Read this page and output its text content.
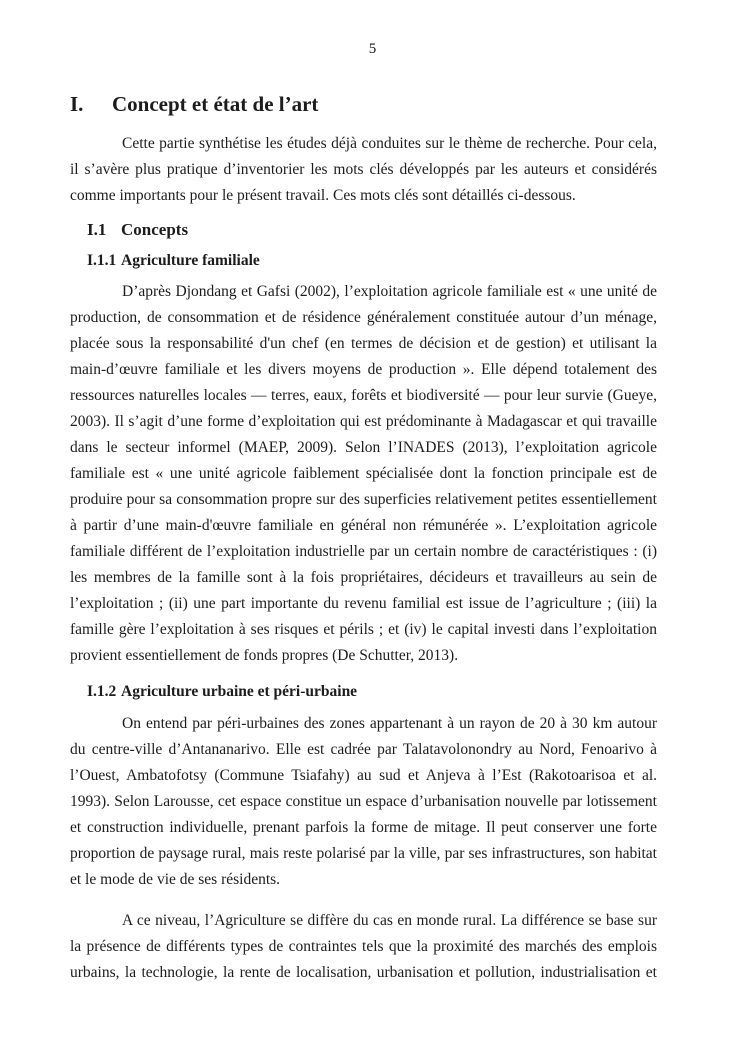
5
I.	Concept et état de l’art

Cette partie synthétise les études déjà conduites sur le thème de recherche. Pour cela, il s’avère plus pratique d’inventorier les mots clés développés par les auteurs et considérés comme importants pour le présent travail. Ces mots clés sont détaillés ci-dessous.

I.1 Concepts
I.1.1 Agriculture familiale

D’après Djondang et Gafsi (2002), l’exploitation agricole familiale est « une unité de production, de consommation et de résidence généralement constituée autour d’un ménage, placée sous la responsabilité d'un chef (en termes de décision et de gestion) et utilisant la main-d’œuvre familiale et les divers moyens de production ». Elle dépend totalement des ressources naturelles locales — terres, eaux, forêts et biodiversité — pour leur survie (Gueye, 2003). Il s’agit d’une forme d’exploitation qui est prédominante à Madagascar et qui travaille dans le secteur informel (MAEP, 2009). Selon l’INADES (2013), l’exploitation agricole familiale est « une unité agricole faiblement spécialisée dont la fonction principale est de produire pour sa consommation propre sur des superficies relativement petites essentiellement à partir d’une main-d'œuvre familiale en général non rémunérée ». L’exploitation agricole familiale différent de l’exploitation industrielle par un certain nombre de caractéristiques : (i) les membres de la famille sont à la fois propriétaires, décideurs et travailleurs au sein de l’exploitation ; (ii) une part importante du revenu familial est issue de l’agriculture ; (iii) la famille gère l’exploitation à ses risques et périls ; et (iv) le capital investi dans l’exploitation provient essentiellement de fonds propres (De Schutter, 2013).

I.1.2 Agriculture urbaine et péri-urbaine

On entend par péri-urbaines des zones appartenant à un rayon de 20 à 30 km autour du centre-ville d’Antananarivo. Elle est cadrée par Talatavolonondry au Nord, Fenoarivo à l’Ouest, Ambatofotsy (Commune Tsiafahy) au sud et Anjeva à l’Est (Rakotoarisoa et al. 1993). Selon Larousse, cet espace constitue un espace d’urbanisation nouvelle par lotissement et construction individuelle, prenant parfois la forme de mitage. Il peut conserver une forte proportion de paysage rural, mais reste polarisé par la ville, par ses infrastructures, son habitat et le mode de vie de ses résidents.

A ce niveau, l’Agriculture se diffère du cas en monde rural. La différence se base sur la présence de différents types de contraintes tels que la proximité des marchés des emplois urbains, la technologie, la rente de localisation, urbanisation et pollution, industrialisation et
